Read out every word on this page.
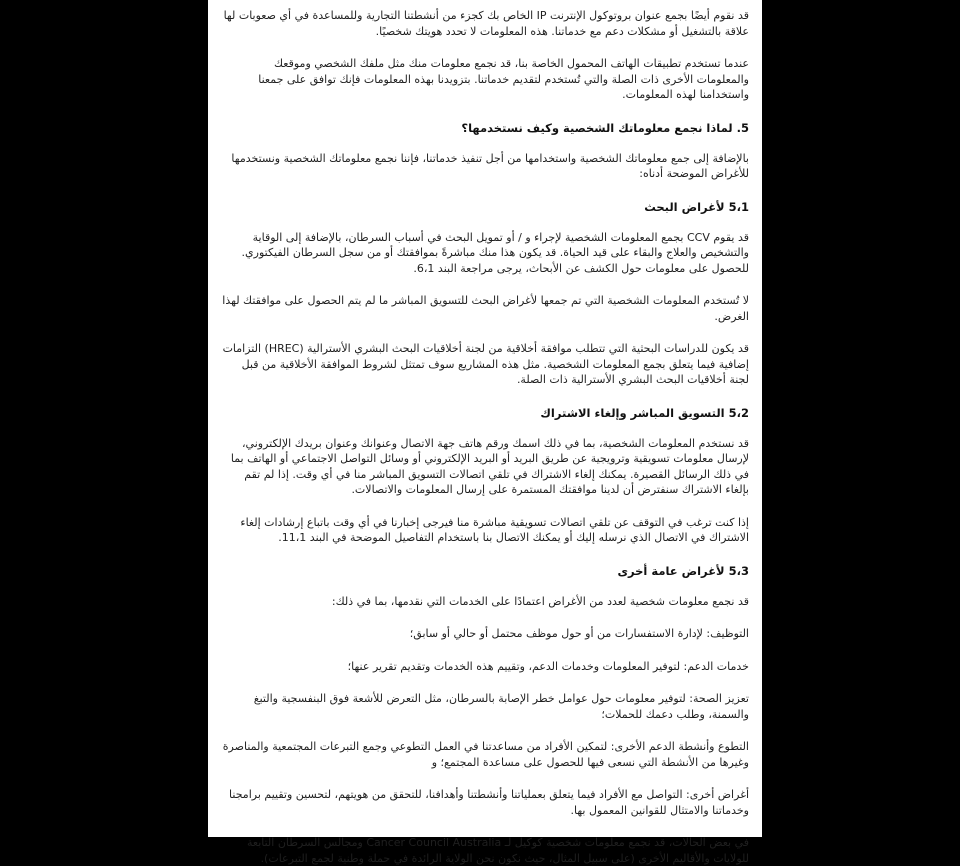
قد نقوم أيضًا بجمع عنوان بروتوكول الإنترنت IP الخاص بك كجزء من أنشطتنا التجارية وللمساعدة في أي صعوبات لها علاقة بالتشغيل أو مشكلات دعم مع خدماتنا. هذه المعلومات لا تحدد هويتك شخصيًا.

عندما تستخدم تطبيقات الهاتف المحمول الخاصة بنا، قد نجمع معلومات منك مثل ملفك الشخصي وموقعك والمعلومات الأخرى ذات الصلة والتي تُستخدم لتقديم خدماتنا. بتزويدنا بهذه المعلومات فإنك توافق على جمعنا واستخدامنا لهذه المعلومات.

5. لماذا نجمع معلوماتك الشخصية وكيف نستخدمها؟

بالإضافة إلى جمع معلوماتك الشخصية واستخدامها من أجل تنفيذ خدماتنا، فإننا نجمع معلوماتك الشخصية ونستخدمها للأغراض الموضحة أدناه:

5،1 لأغراض البحث

قد يقوم CCV بجمع المعلومات الشخصية لإجراء و / أو تمويل البحث في أسباب السرطان، بالإضافة إلى الوقاية والتشخيص والعلاج والبقاء على قيد الحياة. قد يكون هذا منك مباشرةً بموافقتك أو من سجل السرطان الفيكتوري. للحصول على معلومات حول الكشف عن الأبحاث، يرجى مراجعة البند 6،1.

لا تُستخدم المعلومات الشخصية التي تم جمعها لأغراض البحث للتسويق المباشر ما لم يتم الحصول على موافقتك لهذا الغرض.

قد يكون للدراسات البحثية التي تتطلب موافقة أخلاقية من لجنة أخلاقيات البحث البشري الأسترالية (HREC) التزامات إضافية فيما يتعلق بجمع المعلومات الشخصية. مثل هذه المشاريع سوف تمتثل لشروط الموافقة الأخلاقية من قبل لجنة أخلاقيات البحث البشري الأسترالية ذات الصلة.

5،2 التسويق المباشر وإلغاء الاشتراك

قد نستخدم المعلومات الشخصية، بما في ذلك اسمك ورقم هاتف جهة الاتصال وعنوانك وعنوان بريدك الإلكتروني، لإرسال معلومات تسويقية وترويجية عن طريق البريد أو البريد الإلكتروني أو وسائل التواصل الاجتماعي أو الهاتف بما في ذلك الرسائل القصيرة. يمكنك إلغاء الاشتراك في تلقي اتصالات التسويق المباشر منا في أي وقت. إذا لم تقم بإلغاء الاشتراك سنفترض أن لدينا موافقتك المستمرة على إرسال المعلومات والاتصالات.

إذا كنت ترغب في التوقف عن تلقي اتصالات تسويقية مباشرة منا فيرجى إخبارنا في أي وقت باتباع إرشادات إلغاء الاشتراك في الاتصال الذي نرسله إليك أو يمكنك الاتصال بنا باستخدام التفاصيل الموضحة في البند 11،1.

5،3 لأغراض عامة أخرى

قد نجمع معلومات شخصية لعدد من الأغراض اعتمادًا على الخدمات التي نقدمها، بما في ذلك:

التوظيف: لإدارة الاستفسارات من أو حول موظف محتمل أو حالي أو سابق؛

خدمات الدعم: لتوفير المعلومات وخدمات الدعم، وتقييم هذه الخدمات وتقديم تقرير عنها؛

تعزيز الصحة: لتوفير معلومات حول عوامل خطر الإصابة بالسرطان، مثل التعرض للأشعة فوق البنفسجية والتبغ والسمنة، وطلب دعمك للحملات؛

التطوع وأنشطة الدعم الأخرى: لتمكين الأفراد من مساعدتنا في العمل التطوعي وجمع التبرعات المجتمعية والمناصرة وغيرها من الأنشطة التي نسعى فيها للحصول على مساعدة المجتمع؛ و

أغراض أخرى: التواصل مع الأفراد فيما يتعلق بعملياتنا وأنشطتنا وأهدافنا، للتحقق من هويتهم، لتحسين وتقييم برامجنا وخدماتنا والامتثال للقوانين المعمول بها.

في بعض الحالات، قد نجمع معلومات شخصية كوكيل لـ Cancer Council Australia ومجالس السرطان التابعة للولايات والأقاليم الأخرى (على سبيل المثال، حيث نكون نحن الولاية الرائدة في حملة وطنية لجمع التبرعات).
